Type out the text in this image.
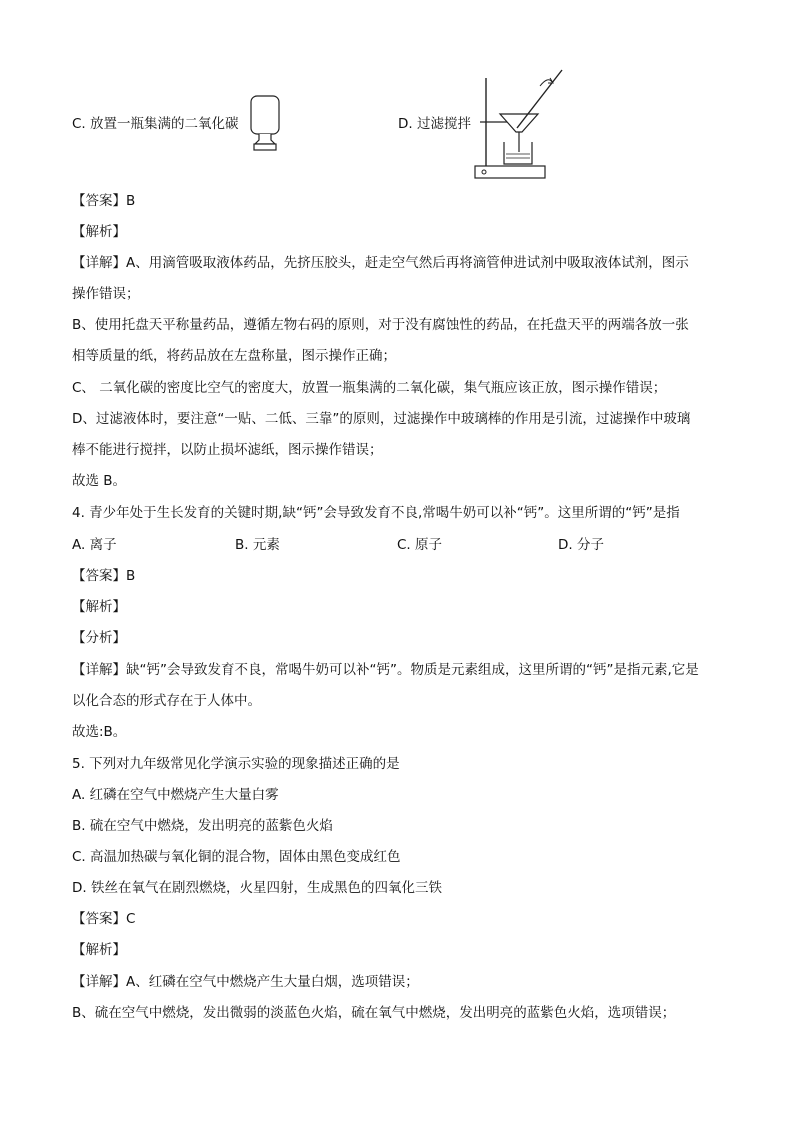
C. 放置一瓶集满的二氧化碳	D. 过滤搅拌
【答案】B
【解析】
【详解】A、用滴管吸取液体药品，先挤压胶头，赶走空气然后再将滴管伸进试剂中吸取液体试剂，图示
操作错误；
B、使用托盘天平称量药品，遵循左物右码的原则，对于没有腐蚀性的药品，在托盘天平的两端各放一张
相等质量的纸，将药品放在左盘称量，图示操作正确；
C、 二氧化碳的密度比空气的密度大，放置一瓶集满的二氧化碳，集气瓶应该正放，图示操作错误；
D、过滤液体时，要注意“一贴、二低、三靠”的原则，过滤操作中玻璃棒的作用是引流，过滤操作中玻璃
棒不能进行搅拌，以防止损坏滤纸，图示操作错误；
故选 B。
4. 青少年处于生长发育的关键时期,缺“钙”会导致发育不良,常喝牛奶可以补“钙”。这里所谓的“钙”是指
A. 离子	B. 元素	C. 原子	D. 分子
【答案】B
【解析】
【分析】
【详解】缺“钙”会导致发育不良，常喝牛奶可以补“钙”。物质是元素组成，这里所谓的“钙”是指元素,它是
以化合态的形式存在于人体中。
故选:B。
5. 下列对九年级常见化学演示实验的现象描述正确的是
A. 红磷在空气中燃烧产生大量白雾
B. 硫在空气中燃烧，发出明亮的蓝紫色火焰
C. 高温加热碳与氧化铜的混合物，固体由黑色变成红色
D. 铁丝在氧气在剧烈燃烧，火星四射，生成黑色的四氧化三铁
【答案】C
【解析】
【详解】A、红磷在空气中燃烧产生大量白烟，选项错误；
B、硫在空气中燃烧，发出微弱的淡蓝色火焰，硫在氧气中燃烧，发出明亮的蓝紫色火焰，选项错误；
